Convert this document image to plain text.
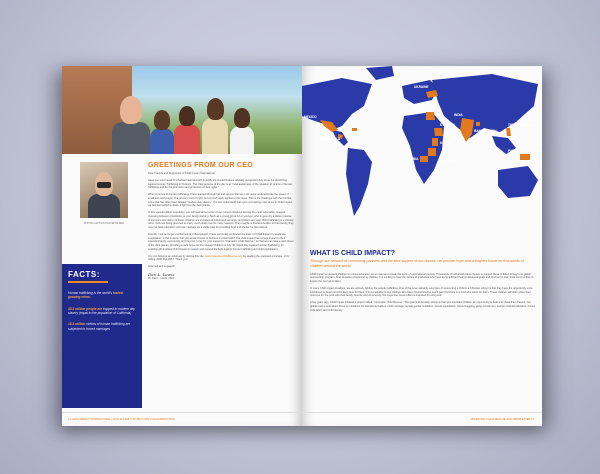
PHOTO CAPTION PLACEHOLDER
GREETINGS FROM OUR CEO

Dear Friends and Supporters of Child Impact International,

Have you ever heard of Inhabitat International? In 2015, the United Nations officially recognized July 30 as the World Day Against Human Trafficking in Persons. The chief purpose of the day is to "raise awareness of the situation of victims of human trafficking and for the promotion and protection of their rights."

When it comes to human trafficking, I have learned through life and service that we must never underestimate the power of small acts and prayer. The primary "root of right, out of mind" aptly applies to this issue. This is the challenge with the horrible crime that has often been labeled "modern-day slavery." You can understand that upon uncovering most of us, in Child Impact, we feel compelled to share a light into the dark places.

In this special edition newsletter, you will read about some of our current initiatives serving the most vulnerable. Imagine choosing between prostitution or your family starving. Such as a young girl at 12 or younger, who is given by a distant relative to someone she does not know. Children are included as indentured servants, and others are sold. Child trafficking is a cultural norm. Girls are being groomed to marry much older men for many reasons. They may be a financial burden to their family; they may not have education and see marriage as a viable plan for providing food and shelter for themselves.

Friends, I am no longer uninformed and disengaged. I have personally embraced the vision of Child Impact to, eradicate exploitation. Is this a vision that you would choose to become involved with? Our child impact has a huge impact to their extended family, community, and beyond. I pray for your support in "Operation Child Rescue," so that we can take a step closer to the dark places, providing a safe home for the rescued children to July 30, World Day Against Human Trafficking, for enabling gift enables Child Impact to sustain and expand the fight against human trafficking and child exploitation.

You can become an advocate by visiting this site: www.OperationChildRescue.org. by reading the enclosed envelope, or by calling (423) 910-0667. Thank you!

Informed and engaged!

Dan L. Lewis

Dr. Dan L. Lewis, CEO

FACTS:
Human trafficking is the world's fastest growing crime.
40.3 million people are trapped in modern day slavery (equal to the population of California)
15.4 million victims of human trafficking are subjected to forced marriages
2 | CHILD IMPACT INTERNATIONAL | (423) 910-0667 | PO BOX 0000 | CHILDIMPACT.ORG
UKRAINE
MEXICO
EGYPT
GUATEMALA
INDIA
ETHIOPIA
HAITI
BANGLADESH
THE PHILIPPINES
PAPUA NEW GUINEA
ZAMBIA
KENYA
TANZANIA
WHAT IS CHILD IMPACT?

Through our network of community partners and the kind support of our donors, we provide hope and a brighter future for thousands of children around the world.

Child Impact empowers children to pursue education as an avenue to break the cycle of generational poverty. Thousands of individuals have chosen to support these children through our global sponsorship program. After decades of sponsoring children, it is exciting to hear the stories of graduates who have accomplished their professional goals and returned to their local communities to inspire the next generation.

In many Child Impact locations, we are actively fighting the people trafficking. One of the most valuable outcomes of sponsoring a child in a Christian school is that they have the opportunity to be introduced to Jesus and His deep love for them. It is remarkable to see children who have experienced so much pain find there is a God who cares for them. These children will often share their new love for the Lord with their family, friends, and community. The hope that Jesus offers is intended for everyone!

A few years ago, Child Impact initiated a project called, "Operation Child Rescue." The goal is to develop solutions that give exploited children an opportunity to heal and share their dreams. Our global rescue operations focus on initiatives for abandoned babies, child marriage, female genital mutilation, sexual exploitation, forced begging, gang recruitment, orphan institutionalization, forced child labor, and child slavery.

OPERATION CHILD RESCUE 2022 NEWSLETTER | 3
